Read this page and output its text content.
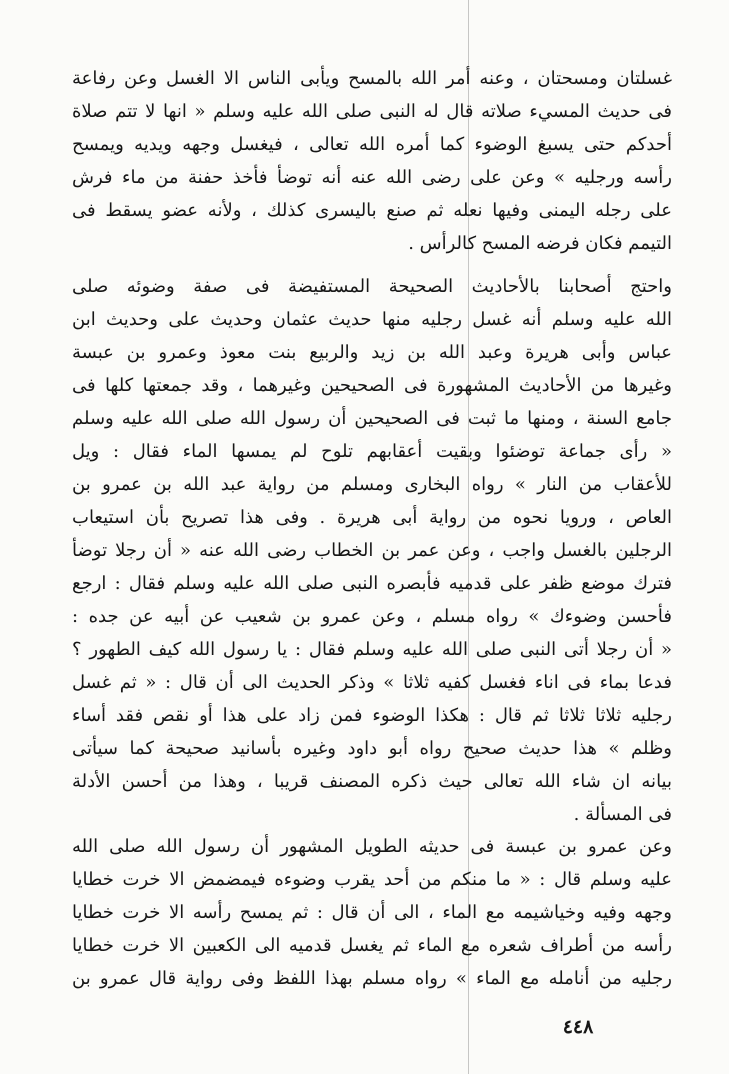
غسلتان ومسحتان ، وعنه أمر الله بالمسح ويأبى الناس الا الغسل وعن رفاعة
فى حديث المسيء صلاته قال له النبى صلى الله عليه وسلم « انها لا تتم صلاة
أحدكم حتى يسبغ الوضوء كما أمره الله تعالى ، فيغسل وجهه ويديه ويمسح
رأسه ورجليه » وعن على رضى الله عنه أنه توضأ فأخذ حفنة من ماء فرش
على رجله اليمنى وفيها نعله ثم صنع باليسرى كذلك ، ولأنه عضو يسقط فى
التيمم فكان فرضه المسح كالرأس .
واحتج أصحابنا بالأحاديث الصحيحة المستفيضة فى صفة وضوئه صلى
الله عليه وسلم أنه غسل رجليه منها حديث عثمان وحديث على وحديث ابن
عباس وأبى هريرة وعبد الله بن زيد والربيع بنت معوذ وعمرو بن عبسة
وغيرها من الأحاديث المشهورة فى الصحيحين وغيرهما ، وقد جمعتها كلها فى
جامع السنة ، ومنها ما ثبت فى الصحيحين أن رسول الله صلى الله عليه وسلم
« رأى جماعة توضئوا وبقيت أعقابهم تلوح لم يمسها الماء فقال : ويل
للأعقاب من النار » رواه البخارى ومسلم من رواية عبد الله بن عمرو بن
العاص ، ورويا نحوه من رواية أبى هريرة . وفى هذا تصريح بأن استيعاب
الرجلين بالغسل واجب ، وعن عمر بن الخطاب رضى الله عنه « أن رجلا توضأ
فترك موضع ظفر على قدميه فأبصره النبى صلى الله عليه وسلم فقال : ارجع
فأحسن وضوءك » رواه مسلم ، وعن عمرو بن شعيب عن أبيه عن جده :
« أن رجلا أتى النبى صلى الله عليه وسلم فقال : يا رسول الله كيف الطهور ؟
فدعا بماء فى اناء فغسل كفيه ثلاثا » وذكر الحديث الى أن قال : « ثم غسل
رجليه ثلاثا ثلاثا ثم قال : هكذا الوضوء فمن زاد على هذا أو نقص فقد أساء
وظلم » هذا حديث صحيح رواه أبو داود وغيره بأسانيد صحيحة كما سيأتى
بيانه ان شاء الله تعالى حيث ذكره المصنف قريبا ، وهذا من أحسن الأدلة
فى المسألة .
وعن عمرو بن عبسة فى حديثه الطويل المشهور أن رسول الله صلى الله
عليه وسلم قال : « ما منكم من أحد يقرب وضوءه فيمضمض الا خرت خطايا
وجهه وفيه وخياشيمه مع الماء ، الى أن قال : ثم يمسح رأسه الا خرت خطايا
رأسه من أطراف شعره مع الماء ثم يغسل قدميه الى الكعبين الا خرت خطايا
رجليه من أنامله مع الماء » رواه مسلم بهذا اللفظ وفى رواية قال عمرو بن
٤٤٨
